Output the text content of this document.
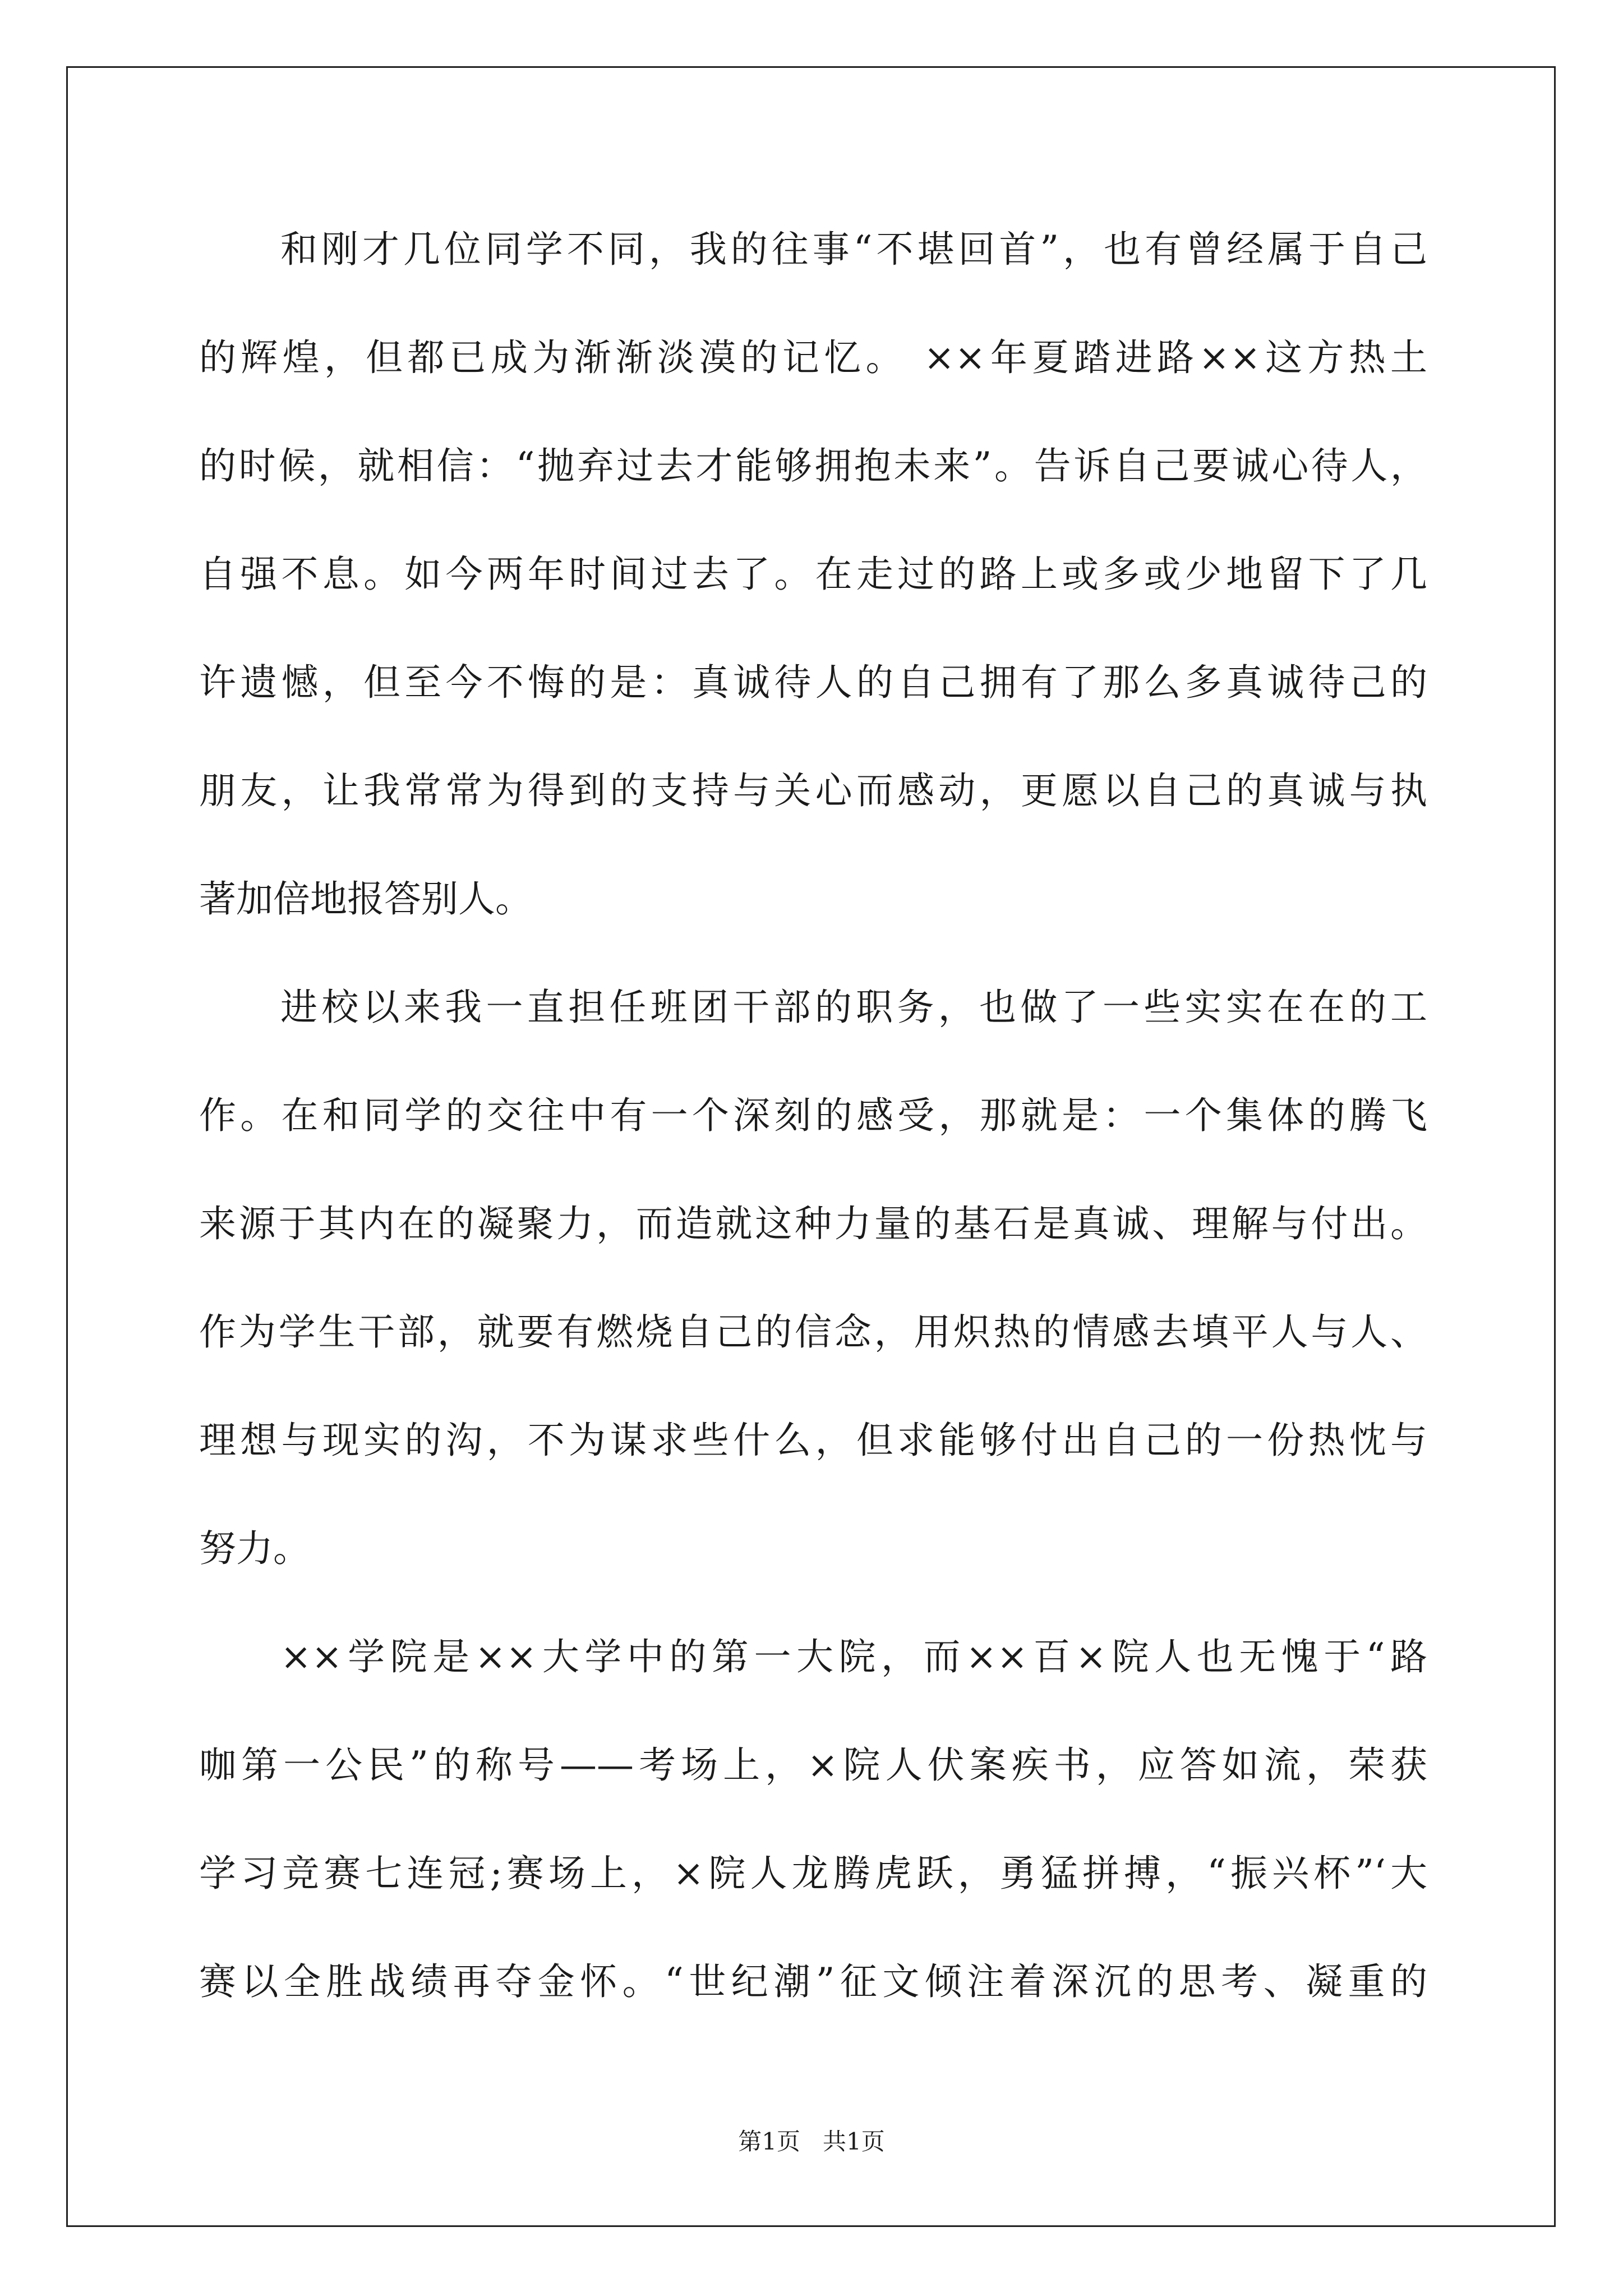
和刚才几位同学不同，我的往事“不堪回首”，也有曾经属于自己
的辉煌，但都已成为渐渐淡漠的记忆。 ××年夏踏进路××这方热土
的时候，就相信：“抛弃过去才能够拥抱未来”。告诉自己要诚心待人，
自强不息。如今两年时间过去了。在走过的路上或多或少地留下了几
许遗憾，但至今不悔的是：真诚待人的自己拥有了那么多真诚待己的
朋友，让我常常为得到的支持与关心而感动，更愿以自己的真诚与执
著加倍地报答别人。
进校以来我一直担任班团干部的职务，也做了一些实实在在的工
作。在和同学的交往中有一个深刻的感受，那就是：一个集体的腾飞
来源于其内在的凝聚力，而造就这种力量的基石是真诚、理解与付出。
作为学生干部，就要有燃烧自己的信念，用炽热的情感去填平人与人、
理想与现实的沟，不为谋求些什么，但求能够付出自己的一份热忱与
努力。
××学院是××大学中的第一大院，而××百×院人也无愧于“路
咖第一公民”的称号——考场上，×院人伏案疾书，应答如流，荣获
学习竞赛七连冠;赛场上，×院人龙腾虎跃，勇猛拼搏，“振兴杯”‘大
赛以全胜战绩再夺金怀。“世纪潮”征文倾注着深沉的思考、凝重的
第1页 共1页
